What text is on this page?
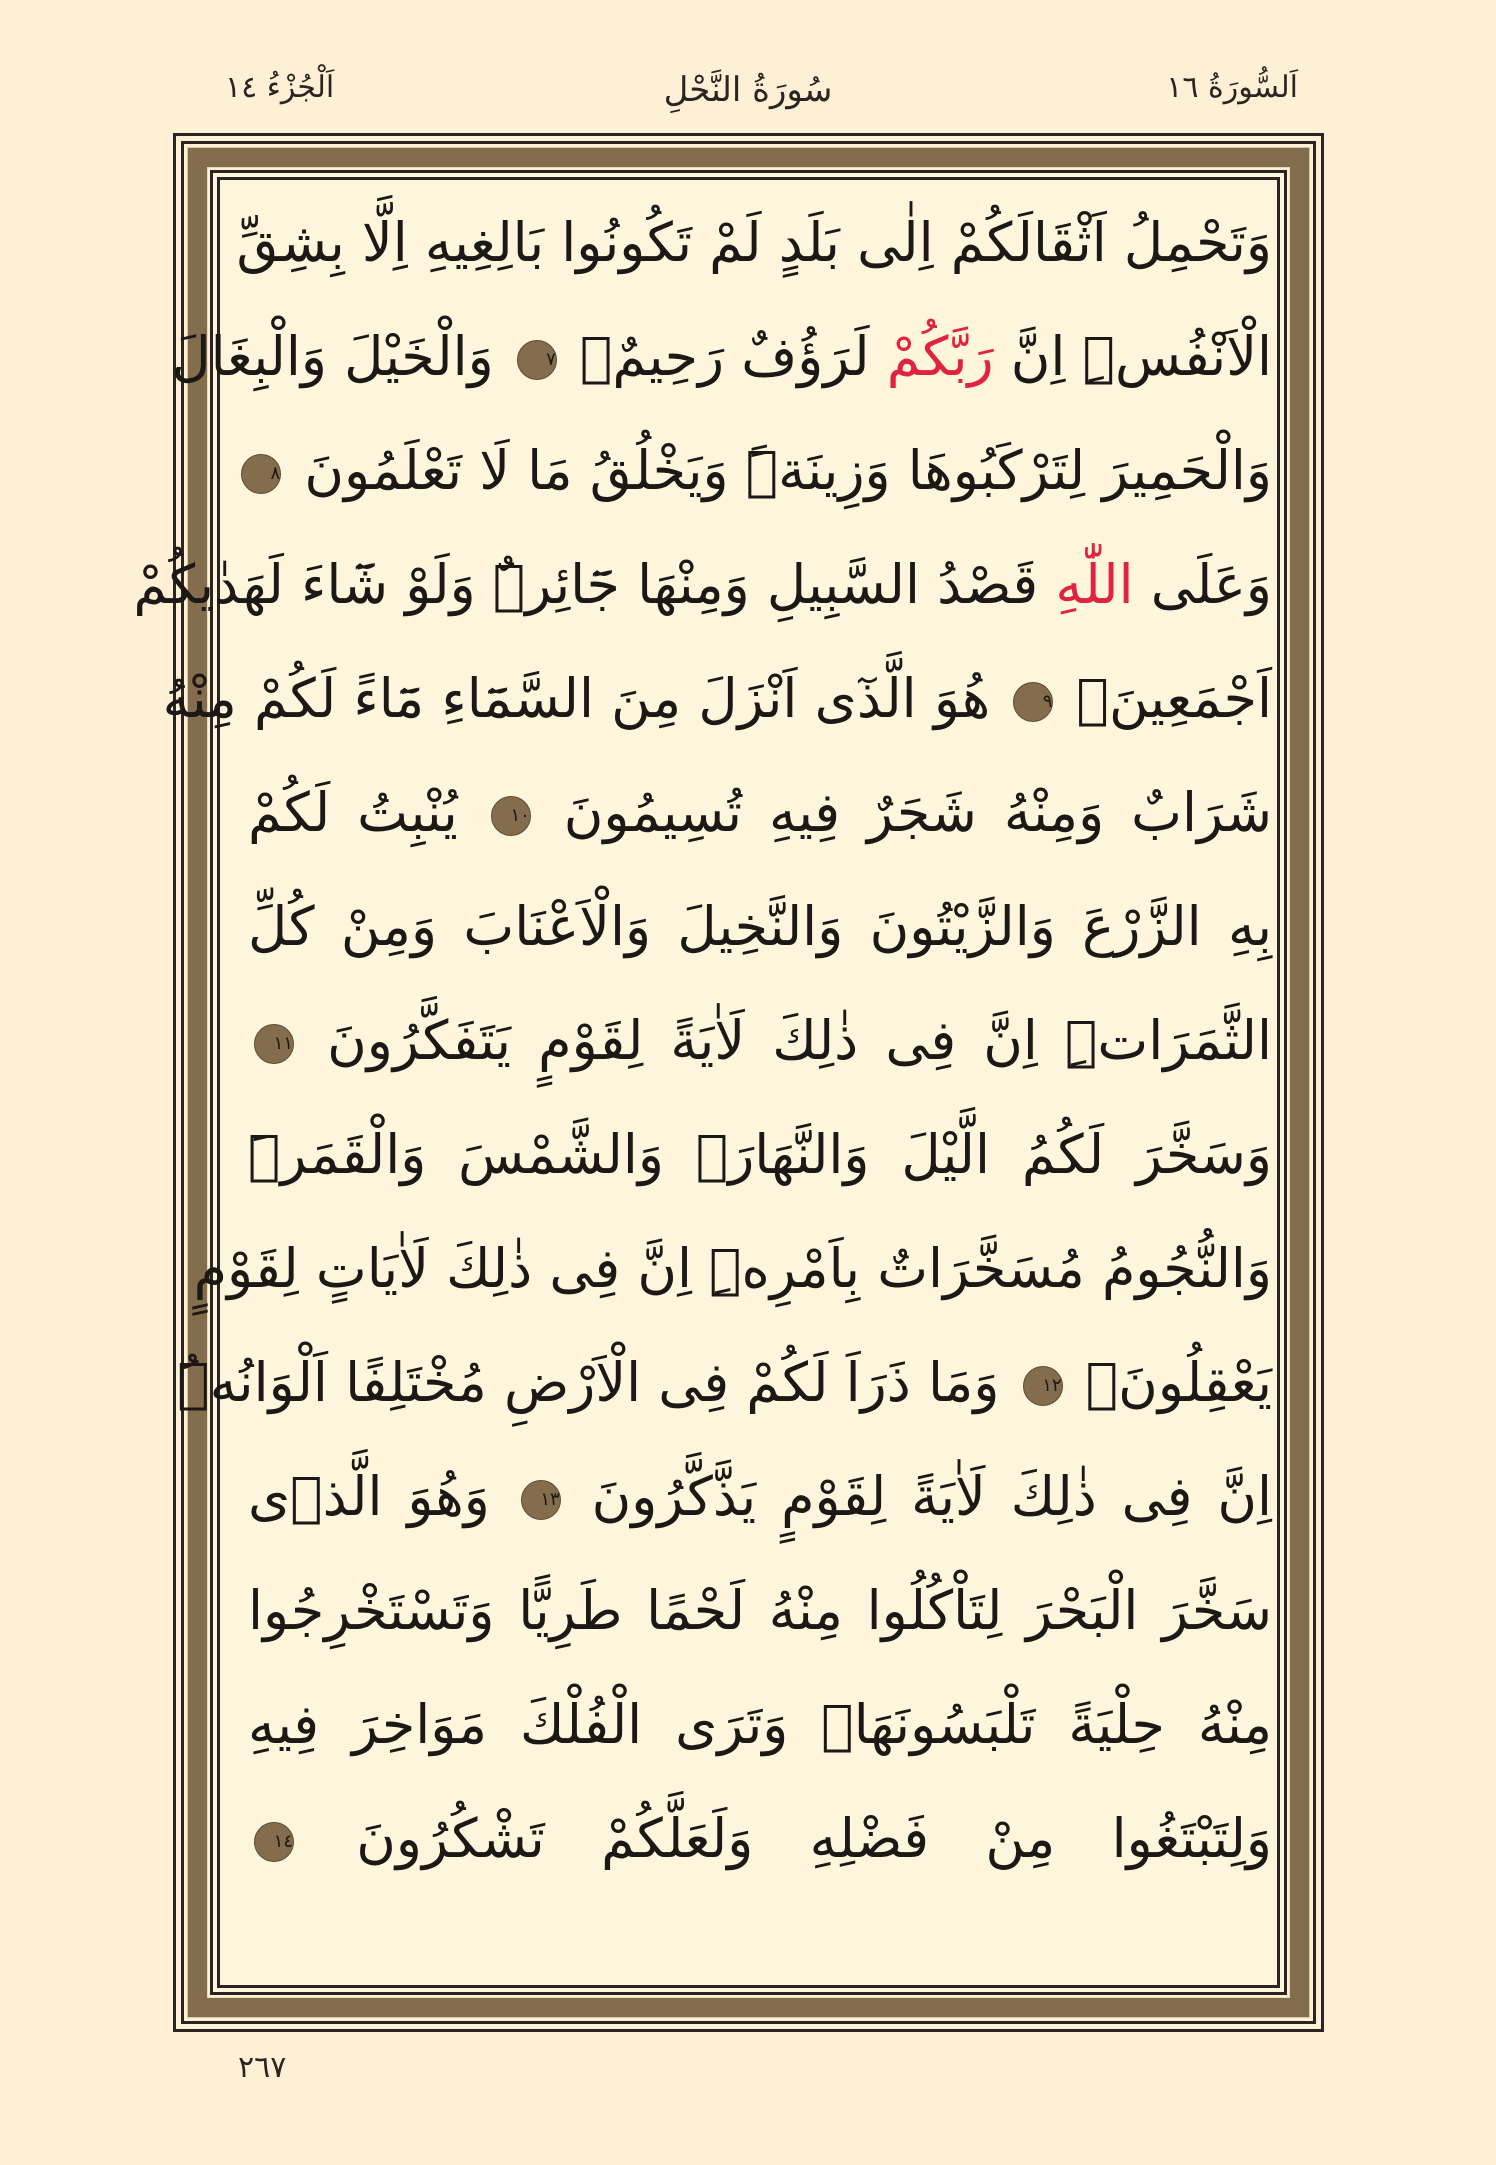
اَلْجُزْءُ ١٤	سُورَةُ النَّحْلِ	اَلسُّورَةُ ١٦
وَتَحْمِلُ اَثْقَالَكُمْ اِلٰى بَلَدٍ لَمْ تَكُونُوا بَالِغِيهِ اِلَّا بِشِقِّ
الْاَنْفُسِۜ اِنَّ رَبَّكُمْ لَرَؤُفٌ رَحِيمٌۙ ٧ وَالْخَيْلَ وَالْبِغَالَ
وَالْحَمِيرَ لِتَرْكَبُوهَا وَزِينَةًۜ وَيَخْلُقُ مَا لَا تَعْلَمُونَ ٨
وَعَلَى اللّٰهِ قَصْدُ السَّبِيلِ وَمِنْهَا جَٓائِرٌۜ وَلَوْ شَٓاءَ لَهَدٰيكُمْ
اَجْمَعِينَ۟ ٩ هُوَ الَّذٓى اَنْزَلَ مِنَ السَّمَٓاءِ مَٓاءً لَكُمْ مِنْهُ
شَرَابٌ وَمِنْهُ شَجَرٌ فِيهِ تُسِيمُونَ ١٠ يُنْبِتُ لَكُمْ
بِهِ الزَّرْعَ وَالزَّيْتُونَ وَالنَّخِيلَ وَالْاَعْنَابَ وَمِنْ كُلِّ
الثَّمَرَاتِۜ اِنَّ فِى ذٰلِكَ لَاٰيَةً لِقَوْمٍ يَتَفَكَّرُونَ ١١
وَسَخَّرَ لَكُمُ الَّيْلَ وَالنَّهَارَۙ وَالشَّمْسَ وَالْقَمَرَۜ
وَالنُّجُومُ مُسَخَّرَاتٌ بِاَمْرِهِۜ اِنَّ فِى ذٰلِكَ لَاٰيَاتٍ لِقَوْمٍ
يَعْقِلُونَۙ ١٢ وَمَا ذَرَاَ لَكُمْ فِى الْاَرْضِ مُخْتَلِفًا اَلْوَانُهُۜ
اِنَّ فِى ذٰلِكَ لَاٰيَةً لِقَوْمٍ يَذَّكَّرُونَ ١٣ وَهُوَ الَّذٖى
سَخَّرَ الْبَحْرَ لِتَاْكُلُوا مِنْهُ لَحْمًا طَرِيًّا وَتَسْتَخْرِجُوا
مِنْهُ حِلْيَةً تَلْبَسُونَهَاۚ وَتَرَى الْفُلْكَ مَوَاخِرَ فِيهِ
وَلِتَبْتَغُوا مِنْ فَضْلِهِ وَلَعَلَّكُمْ تَشْكُرُونَ ١٤
٢٦٧
